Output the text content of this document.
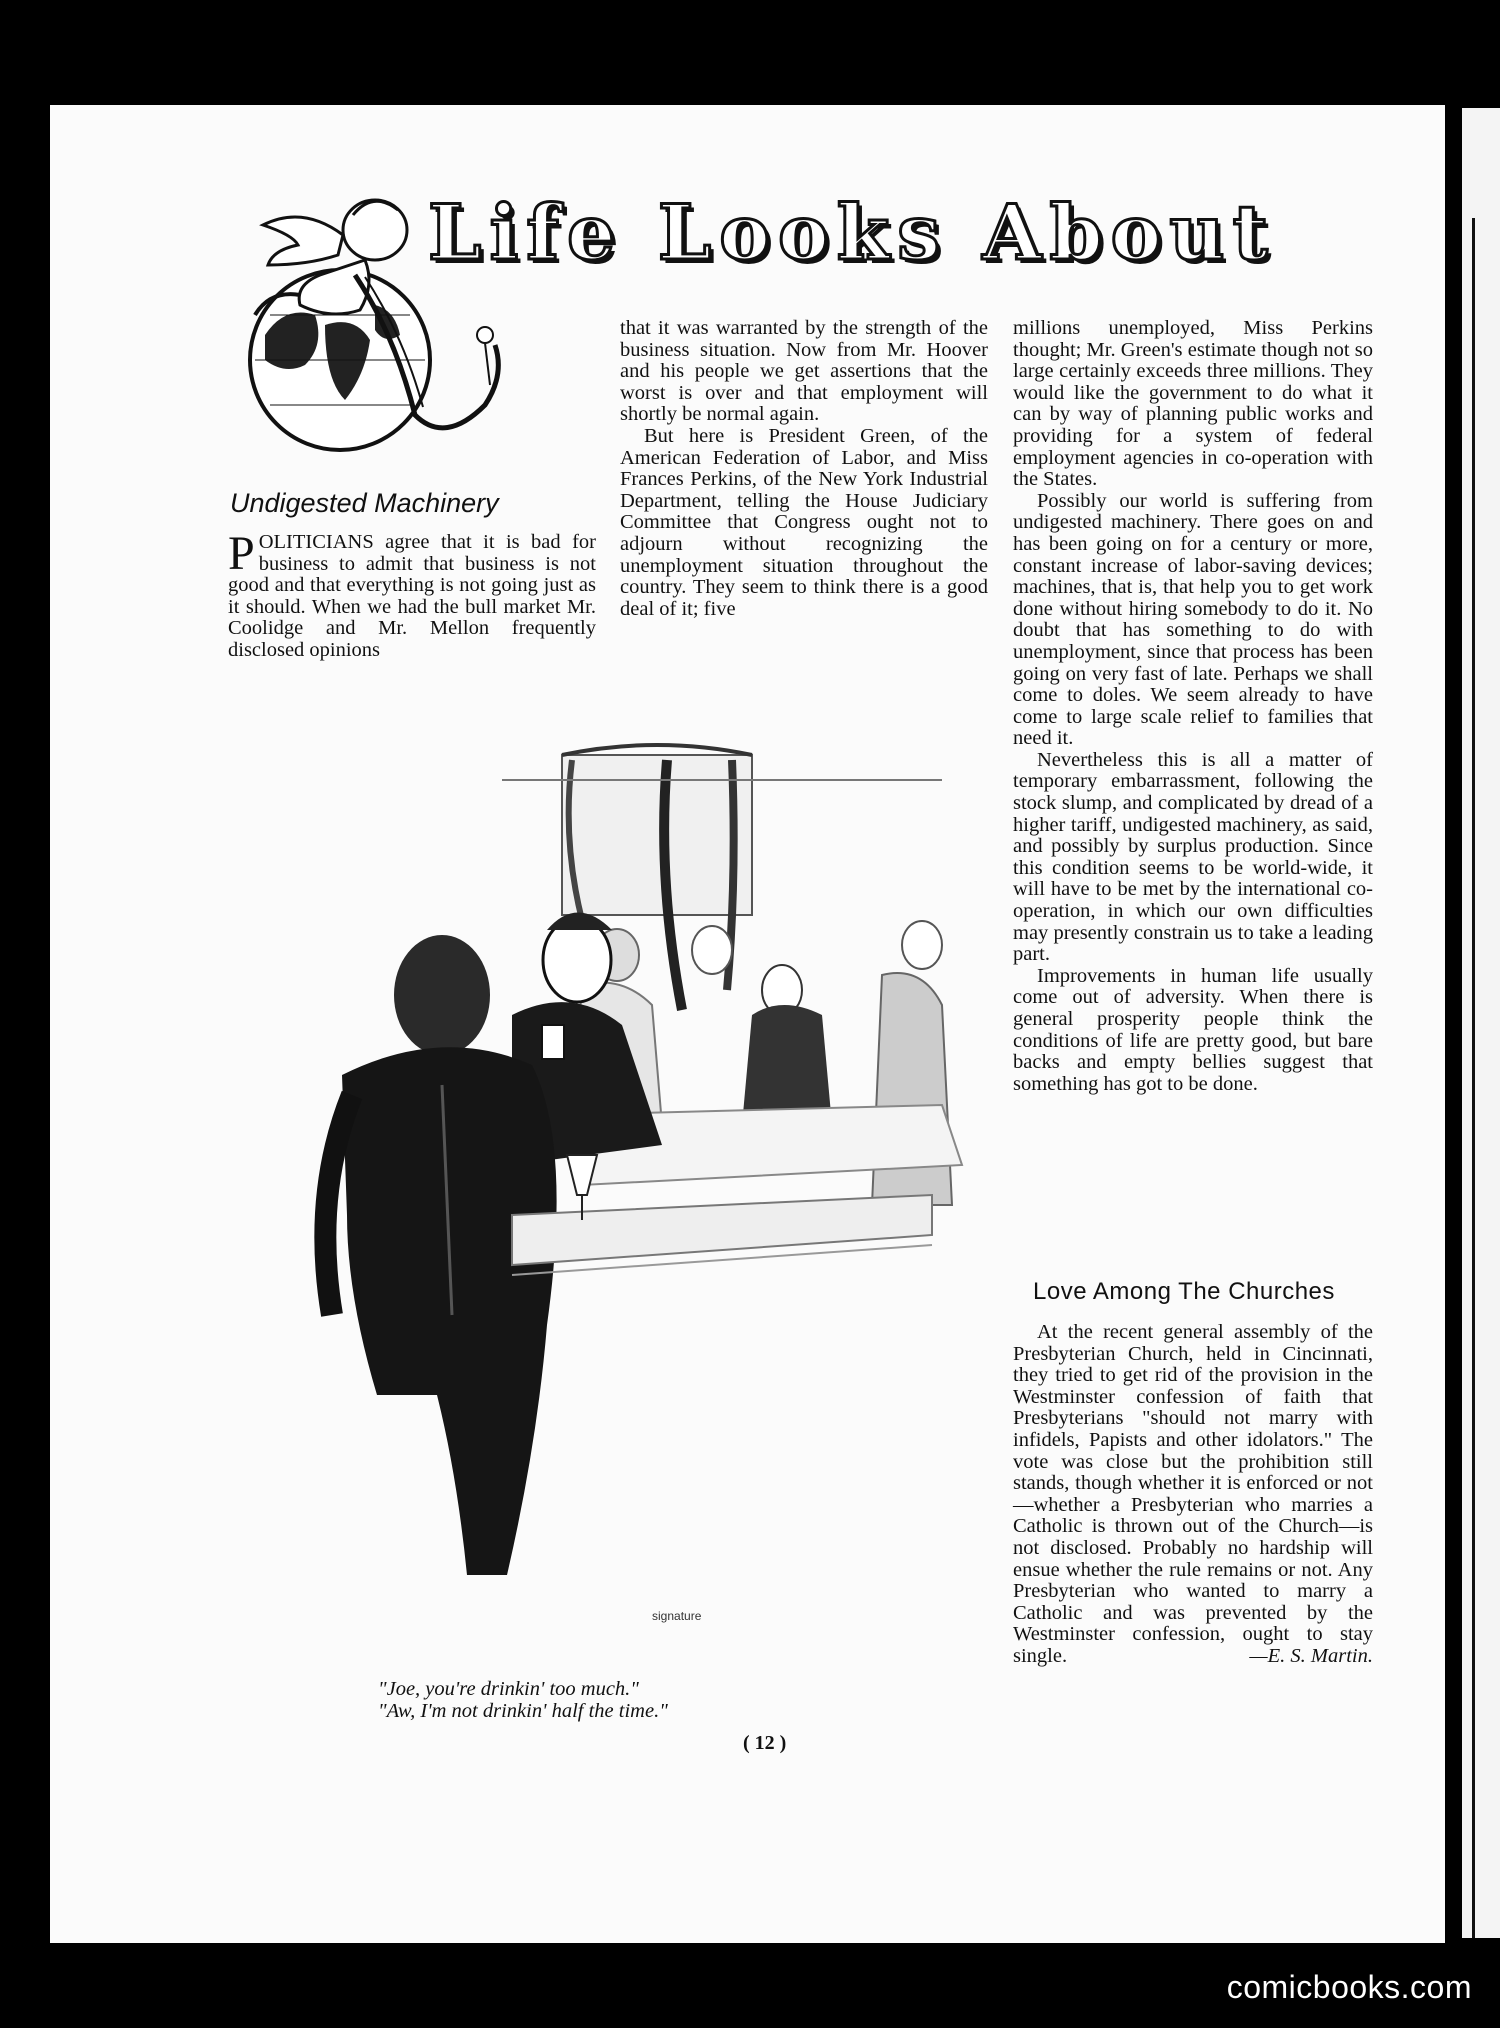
Life Looks About
Undigested Machinery

POLITICIANS agree that it is bad for business to admit that business is not good and that everything is not going just as it should. When we had the bull market Mr. Coolidge and Mr. Mellon frequently disclosed opinions

that it was warranted by the strength of the business situation. Now from Mr. Hoover and his people we get assertions that the worst is over and that employment will shortly be normal again.

But here is President Green, of the American Federation of Labor, and Miss Frances Perkins, of the New York Industrial Department, telling the House Judiciary Committee that Congress ought not to adjourn without recognizing the unemployment situation throughout the country. They seem to think there is a good deal of it; five

millions unemployed, Miss Perkins thought; Mr. Green's estimate though not so large certainly exceeds three millions. They would like the government to do what it can by way of planning public works and providing for a system of federal employment agencies in co-operation with the States.

Possibly our world is suffering from undigested machinery. There goes on and has been going on for a century or more, constant increase of labor-saving devices; machines, that is, that help you to get work done without hiring somebody to do it. No doubt that has something to do with unemployment, since that process has been going on very fast of late. Perhaps we shall come to doles. We seem already to have come to large scale relief to families that need it.

Nevertheless this is all a matter of temporary embarrassment, following the stock slump, and complicated by dread of a higher tariff, undigested machinery, as said, and possibly by surplus production. Since this condition seems to be world-wide, it will have to be met by the international co-operation, in which our own difficulties may presently constrain us to take a leading part.

Improvements in human life usually come out of adversity. When there is general prosperity people think the conditions of life are pretty good, but bare backs and empty bellies suggest that something has got to be done.

Love Among The Churches

At the recent general assembly of the Presbyterian Church, held in Cincinnati, they tried to get rid of the provision in the Westminster confession of faith that Presbyterians "should not marry with infidels, Papists and other idolators." The vote was close but the prohibition still stands, though whether it is enforced or not—whether a Presbyterian who marries a Catholic is thrown out of the Church—is not disclosed. Probably no hardship will ensue whether the rule remains or not. Any Presbyterian who wanted to marry a Catholic and was prevented by the Westminster confession, ought to stay single.	—E. S. Martin.

signature
"Joe, you're drinkin' too much."
"Aw, I'm not drinkin' half the time."
( 12 )
comicbooks.com
